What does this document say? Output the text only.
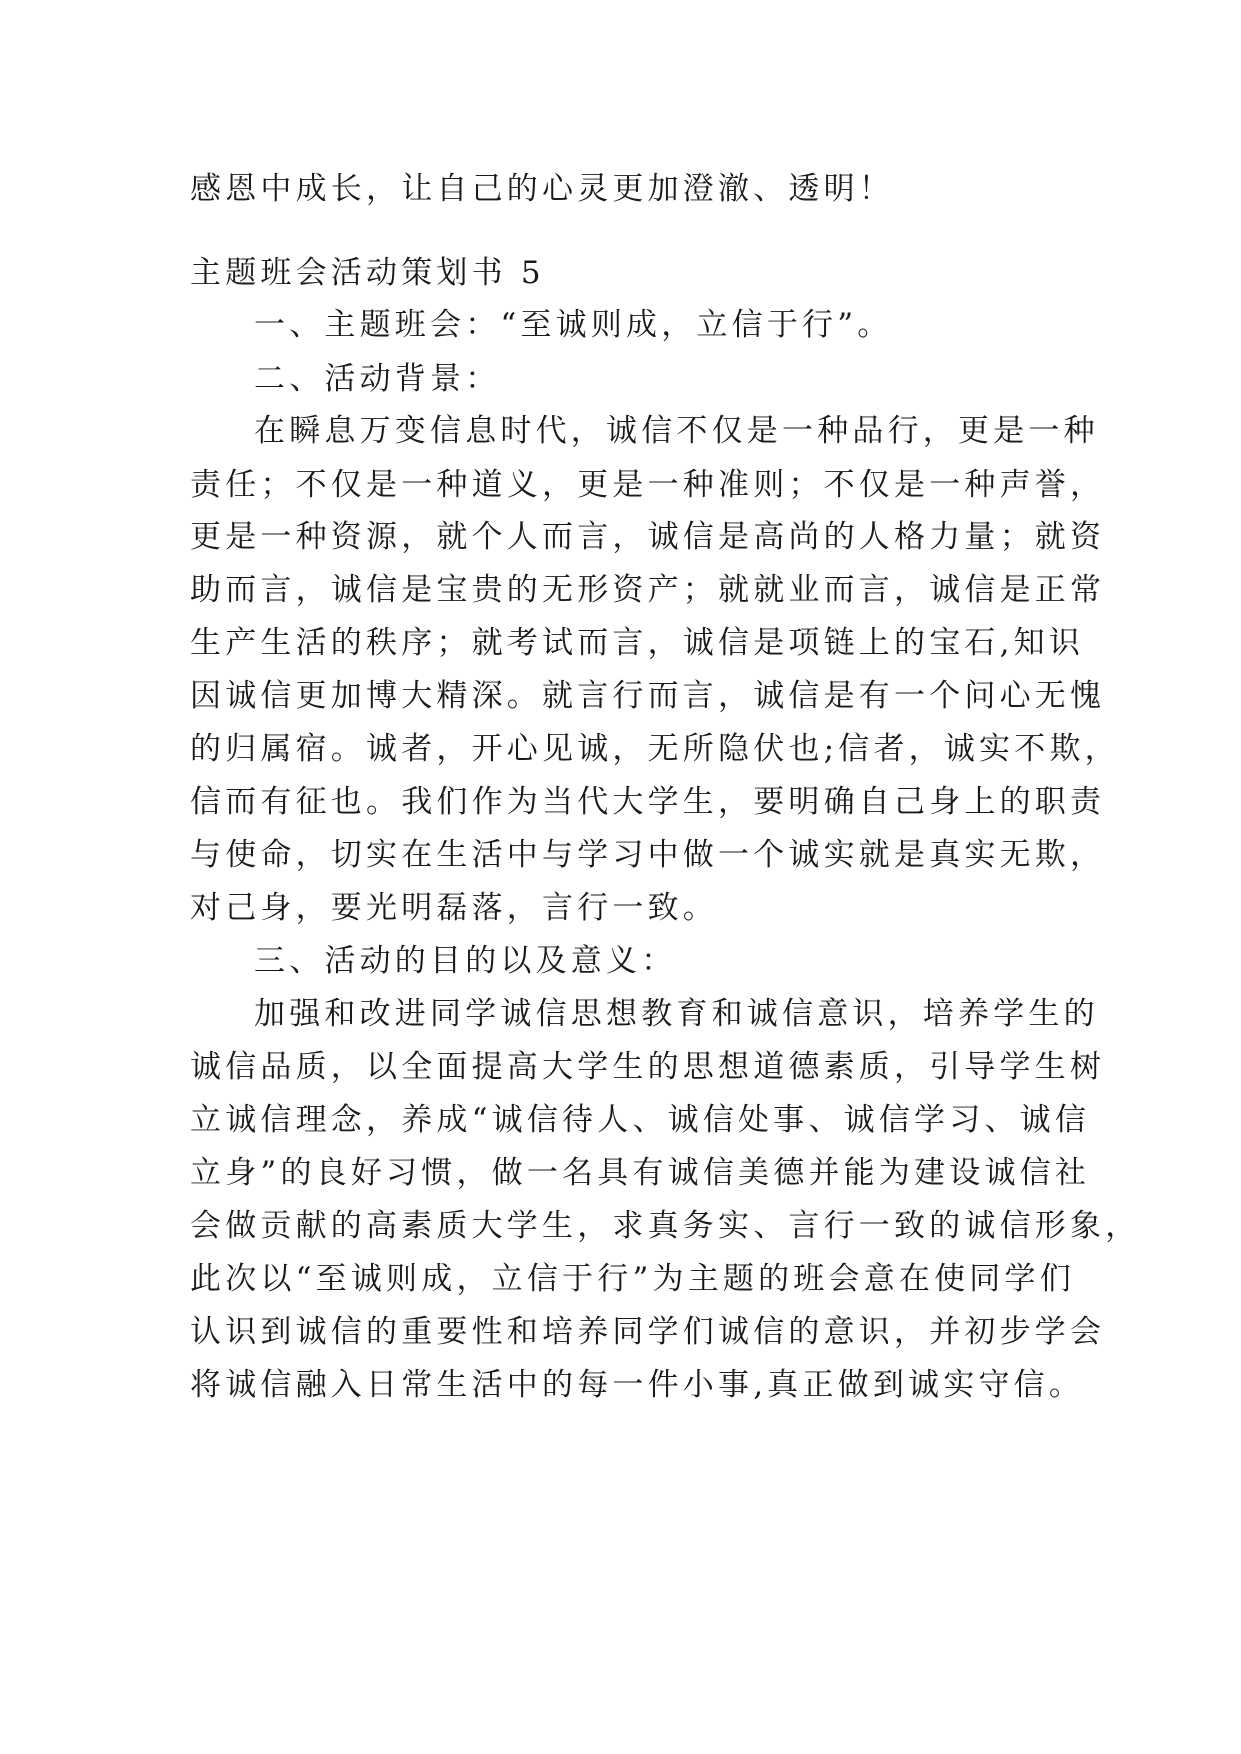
感恩中成长，让自己的心灵更加澄澈、透明！
主题班会活动策划书 5
一、主题班会：“至诚则成，立信于行”。
二、活动背景：
在瞬息万变信息时代，诚信不仅是一种品行，更是一种
责任；不仅是一种道义，更是一种准则；不仅是一种声誉，
更是一种资源，就个人而言，诚信是高尚的人格力量；就资
助而言，诚信是宝贵的无形资产；就就业而言，诚信是正常
生产生活的秩序；就考试而言，诚信是项链上的宝石,知识
因诚信更加博大精深。就言行而言，诚信是有一个问心无愧
的归属宿。诚者，开心见诚，无所隐伏也;信者，诚实不欺，
信而有征也。我们作为当代大学生，要明确自己身上的职责
与使命，切实在生活中与学习中做一个诚实就是真实无欺，
对己身，要光明磊落，言行一致。
三、活动的目的以及意义：
加强和改进同学诚信思想教育和诚信意识，培养学生的
诚信品质，以全面提高大学生的思想道德素质，引导学生树
立诚信理念，养成“诚信待人、诚信处事、诚信学习、诚信
立身”的良好习惯，做一名具有诚信美德并能为建设诚信社
会做贡献的高素质大学生，求真务实、言行一致的诚信形象，
此次以“至诚则成，立信于行”为主题的班会意在使同学们
认识到诚信的重要性和培养同学们诚信的意识，并初步学会
将诚信融入日常生活中的每一件小事,真正做到诚实守信。
